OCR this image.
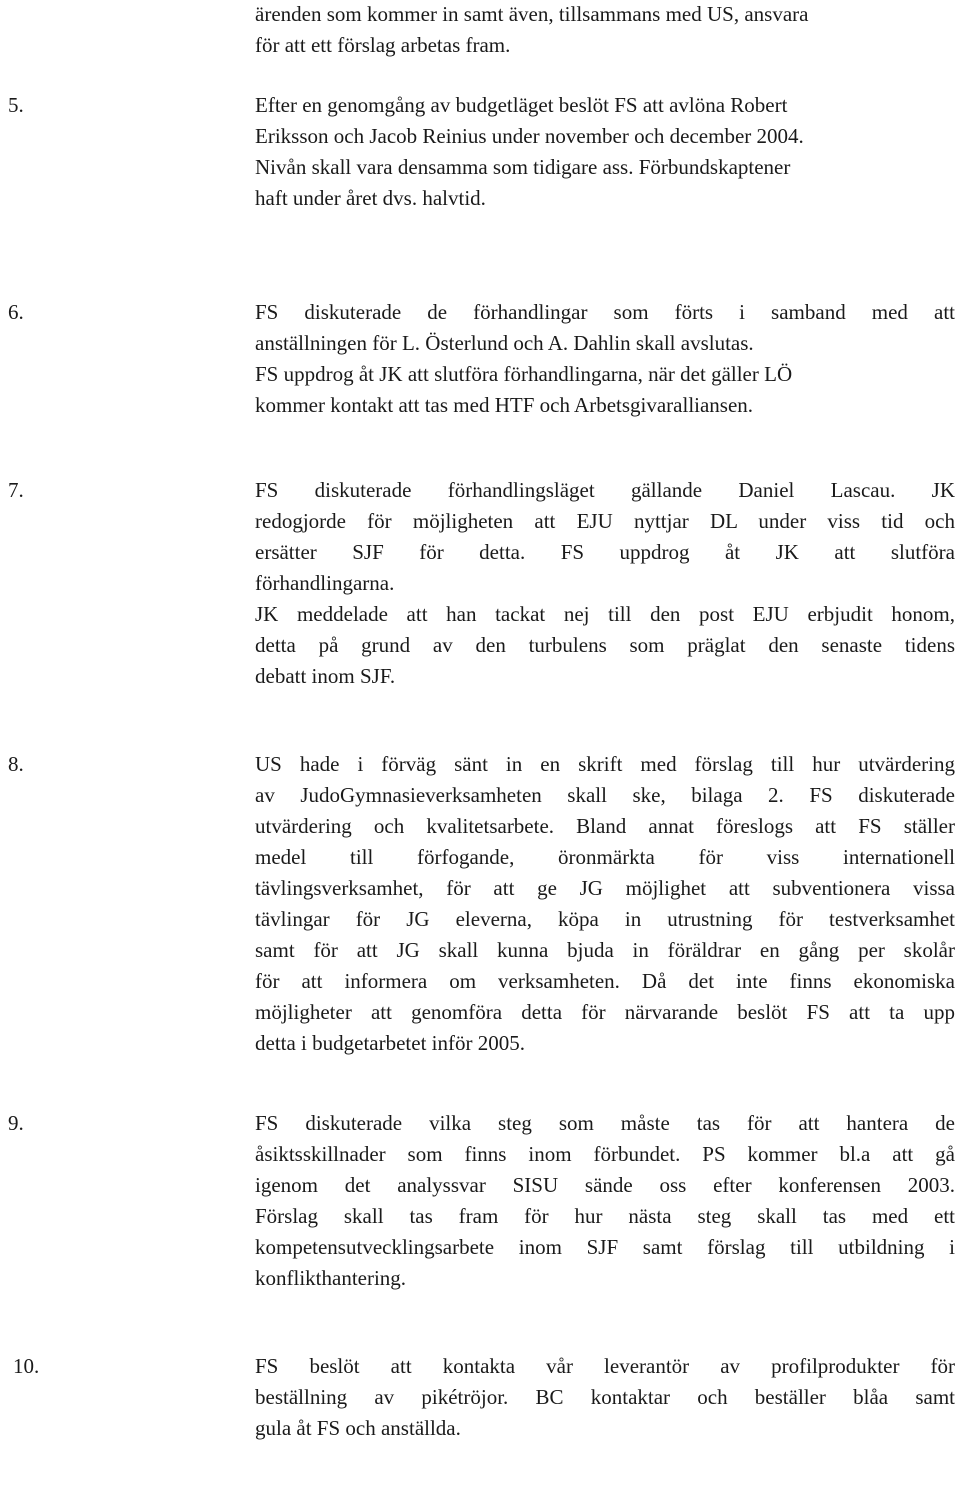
ärenden som kommer in samt även, tillsammans med US, ansvara
för att ett förslag arbetas fram.
5.	Efter en genomgång av budgetläget beslöt FS att avlöna Robert
Eriksson och Jacob Reinius under november och december 2004.
Nivån skall vara densamma som tidigare ass. Förbundskaptener
haft under året dvs. halvtid.
6.	FS diskuterade de förhandlingar som förts i samband med att
anställningen för L. Österlund och A. Dahlin skall avslutas.
FS uppdrog åt JK att slutföra förhandlingarna, när det gäller LÖ
kommer kontakt att tas med HTF och Arbetsgivaralliansen.
7.	FS diskuterade förhandlingsläget gällande Daniel Lascau. JK
redogjorde för möjligheten att EJU nyttjar DL under viss tid och
ersätter SJF för detta. FS uppdrog åt JK att slutföra
förhandlingarna.
JK meddelade att han tackat nej till den post EJU erbjudit honom,
detta på grund av den turbulens som präglat den senaste tidens
debatt inom SJF.
8.	US hade i förväg sänt in en skrift med förslag till hur utvärdering
av JudoGymnasieverksamheten skall ske, bilaga 2. FS diskuterade
utvärdering och kvalitetsarbete. Bland annat föreslogs att FS ställer
medel till förfogande, öronmärkta för viss internationell
tävlingsverksamhet, för att ge JG möjlighet att subventionera vissa
tävlingar för JG eleverna, köpa in utrustning för testverksamhet
samt för att JG skall kunna bjuda in föräldrar en gång per skolår
för att informera om verksamheten. Då det inte finns ekonomiska
möjligheter att genomföra detta för närvarande beslöt FS att ta upp
detta i budgetarbetet inför 2005.
9.	FS diskuterade vilka steg som måste tas för att hantera de
åsiktsskillnader som finns inom förbundet. PS kommer bl.a att gå
igenom det analyssvar SISU sände oss efter konferensen 2003.
Förslag skall tas fram för hur nästa steg skall tas med ett
kompetensutvecklingsarbete inom SJF samt förslag till utbildning i
konflikthantering.
10.	FS beslöt att kontakta vår leverantör av profilprodukter för
beställning av pikétröjor. BC kontaktar och beställer blåa samt
gula åt FS och anställda.
